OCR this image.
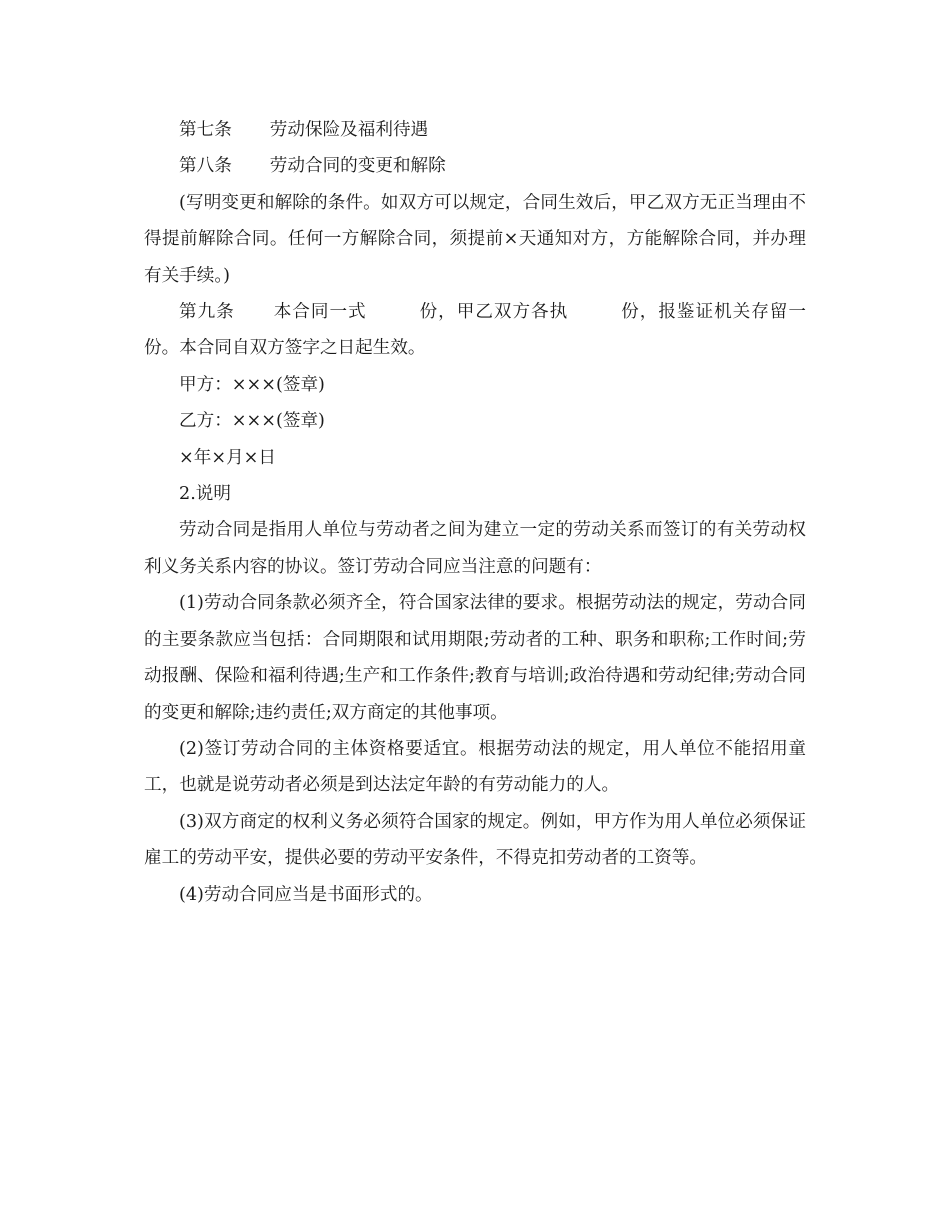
第七条 劳动保险及福利待遇

第八条 劳动合同的变更和解除

(写明变更和解除的条件。如双方可以规定，合同生效后，甲乙双方无正当理由不得提前解除合同。任何一方解除合同，须提前×天通知对方，方能解除合同，并办理有关手续。)

第九条 本合同一式	份，甲乙双方各执	份，报鉴证机关存留一份。本合同自双方签字之日起生效。

甲方：×××(签章)

乙方：×××(签章)

×年×月×日

2.说明

劳动合同是指用人单位与劳动者之间为建立一定的劳动关系而签订的有关劳动权利义务关系内容的协议。签订劳动合同应当注意的问题有：

(1)劳动合同条款必须齐全，符合国家法律的要求。根据劳动法的规定，劳动合同的主要条款应当包括：合同期限和试用期限;劳动者的工种、职务和职称;工作时间;劳动报酬、保险和福利待遇;生产和工作条件;教育与培训;政治待遇和劳动纪律;劳动合同的变更和解除;违约责任;双方商定的其他事项。

(2)签订劳动合同的主体资格要适宜。根据劳动法的规定，用人单位不能招用童工，也就是说劳动者必须是到达法定年龄的有劳动能力的人。

(3)双方商定的权利义务必须符合国家的规定。例如，甲方作为用人单位必须保证雇工的劳动平安，提供必要的劳动平安条件，不得克扣劳动者的工资等。

(4)劳动合同应当是书面形式的。
